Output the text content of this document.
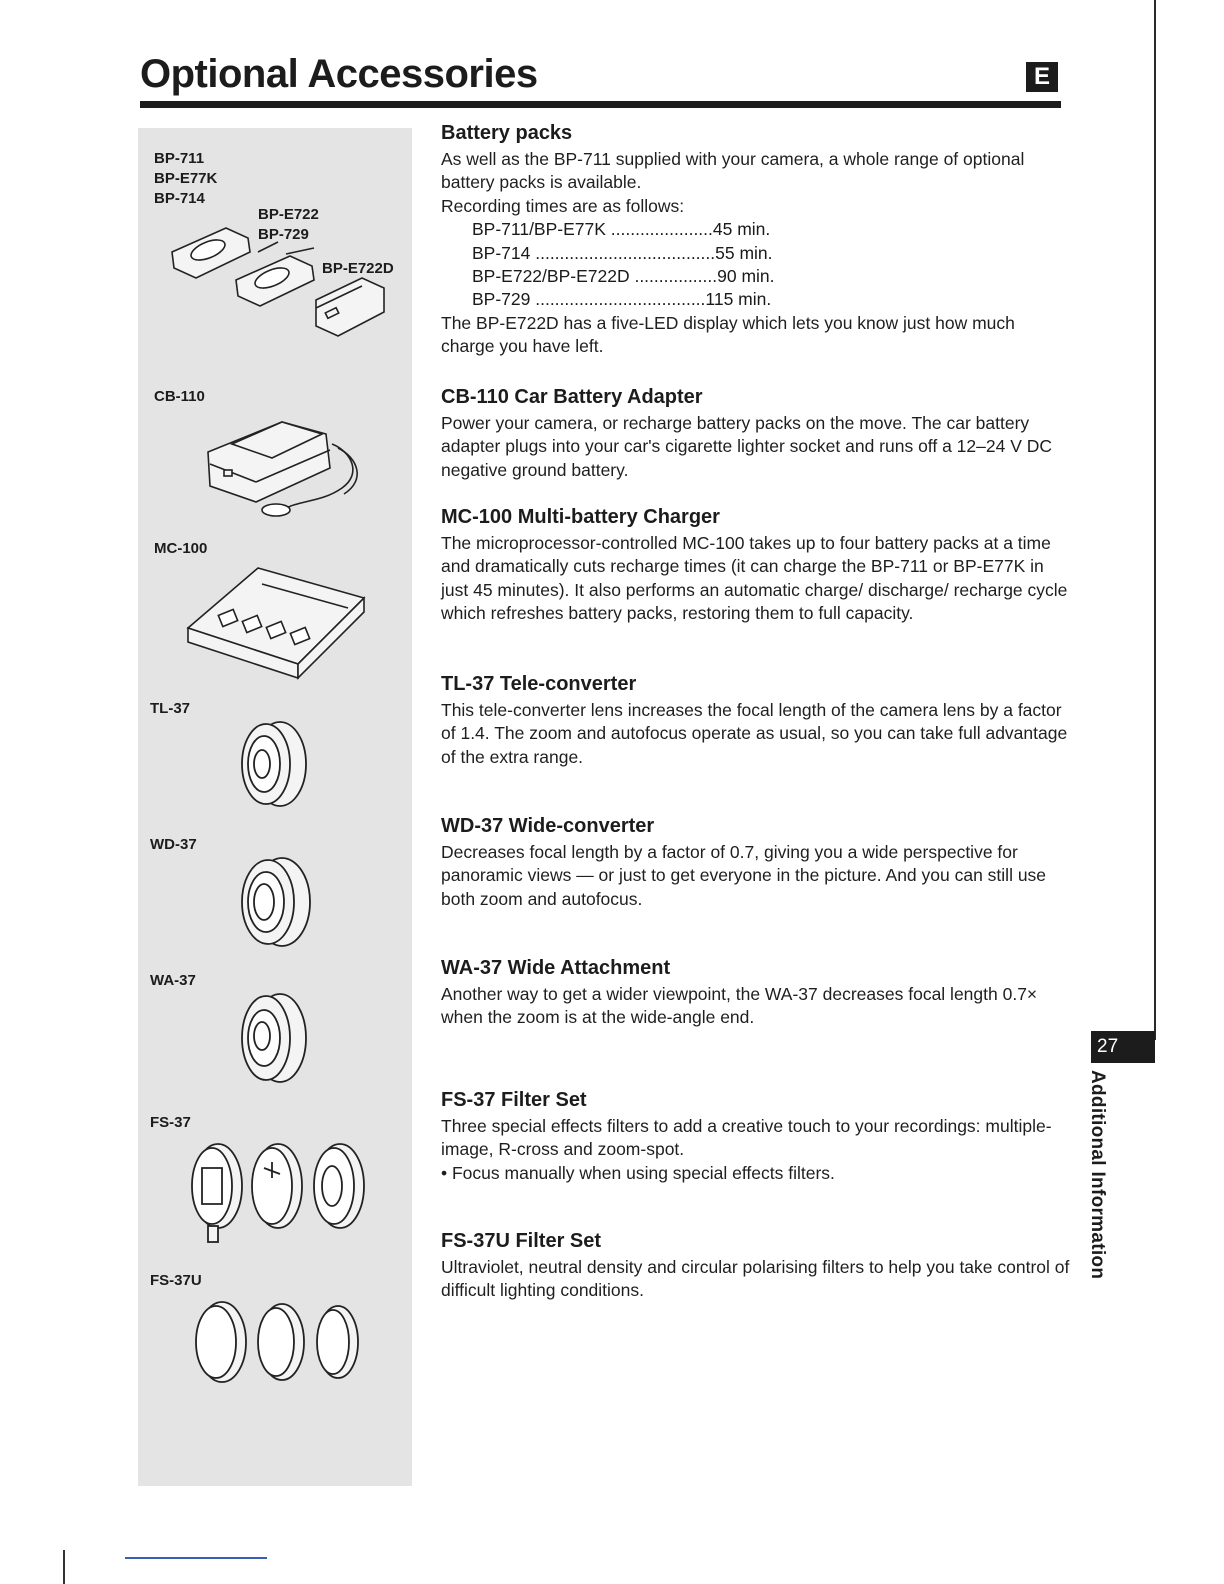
Optional Accessories	E
BP-711
BP-E77K
BP-714
BP-E722
BP-729
BP-E722D
CB-110
MC-100
TL-37
WD-37
WA-37
FS-37
FS-37U
Battery packs

As well as the BP-711 supplied with your camera, a whole range of optional battery packs is available.

Recording times are as follows:

BP-711/BP-E77K .....................45 min.
BP-714 .....................................55 min.
BP-E722/BP-E722D .................90 min.
BP-729 ...................................115 min.

The BP-E722D has a five-LED display which lets you know just how much charge you have left.

CB-110 Car Battery Adapter

Power your camera, or recharge battery packs on the move. The car battery adapter plugs into your car's cigarette lighter socket and runs off a 12–24 V DC negative ground battery.

MC-100 Multi-battery Charger

The microprocessor-controlled MC-100 takes up to four battery packs at a time and dramatically cuts recharge times (it can charge the BP-711 or BP-E77K in just 45 minutes). It also performs an automatic charge/ discharge/ recharge cycle which refreshes battery packs, restoring them to full capacity.

TL-37 Tele-converter

This tele-converter lens increases the focal length of the camera lens by a factor of 1.4. The zoom and autofocus operate as usual, so you can take full advantage of the extra range.

WD-37 Wide-converter

Decreases focal length by a factor of 0.7, giving you a wide perspective for panoramic views — or just to get everyone in the picture. And you can still use both zoom and autofocus.

WA-37 Wide Attachment

Another way to get a wider viewpoint, the WA-37 decreases focal length 0.7× when the zoom is at the wide-angle end.

FS-37 Filter Set

Three special effects filters to add a creative touch to your recordings: multiple-image, R-cross and zoom-spot.

• Focus manually when using special effects filters.

FS-37U Filter Set

Ultraviolet, neutral density and circular polarising filters to help you take control of difficult lighting conditions.

27
Additional Information
